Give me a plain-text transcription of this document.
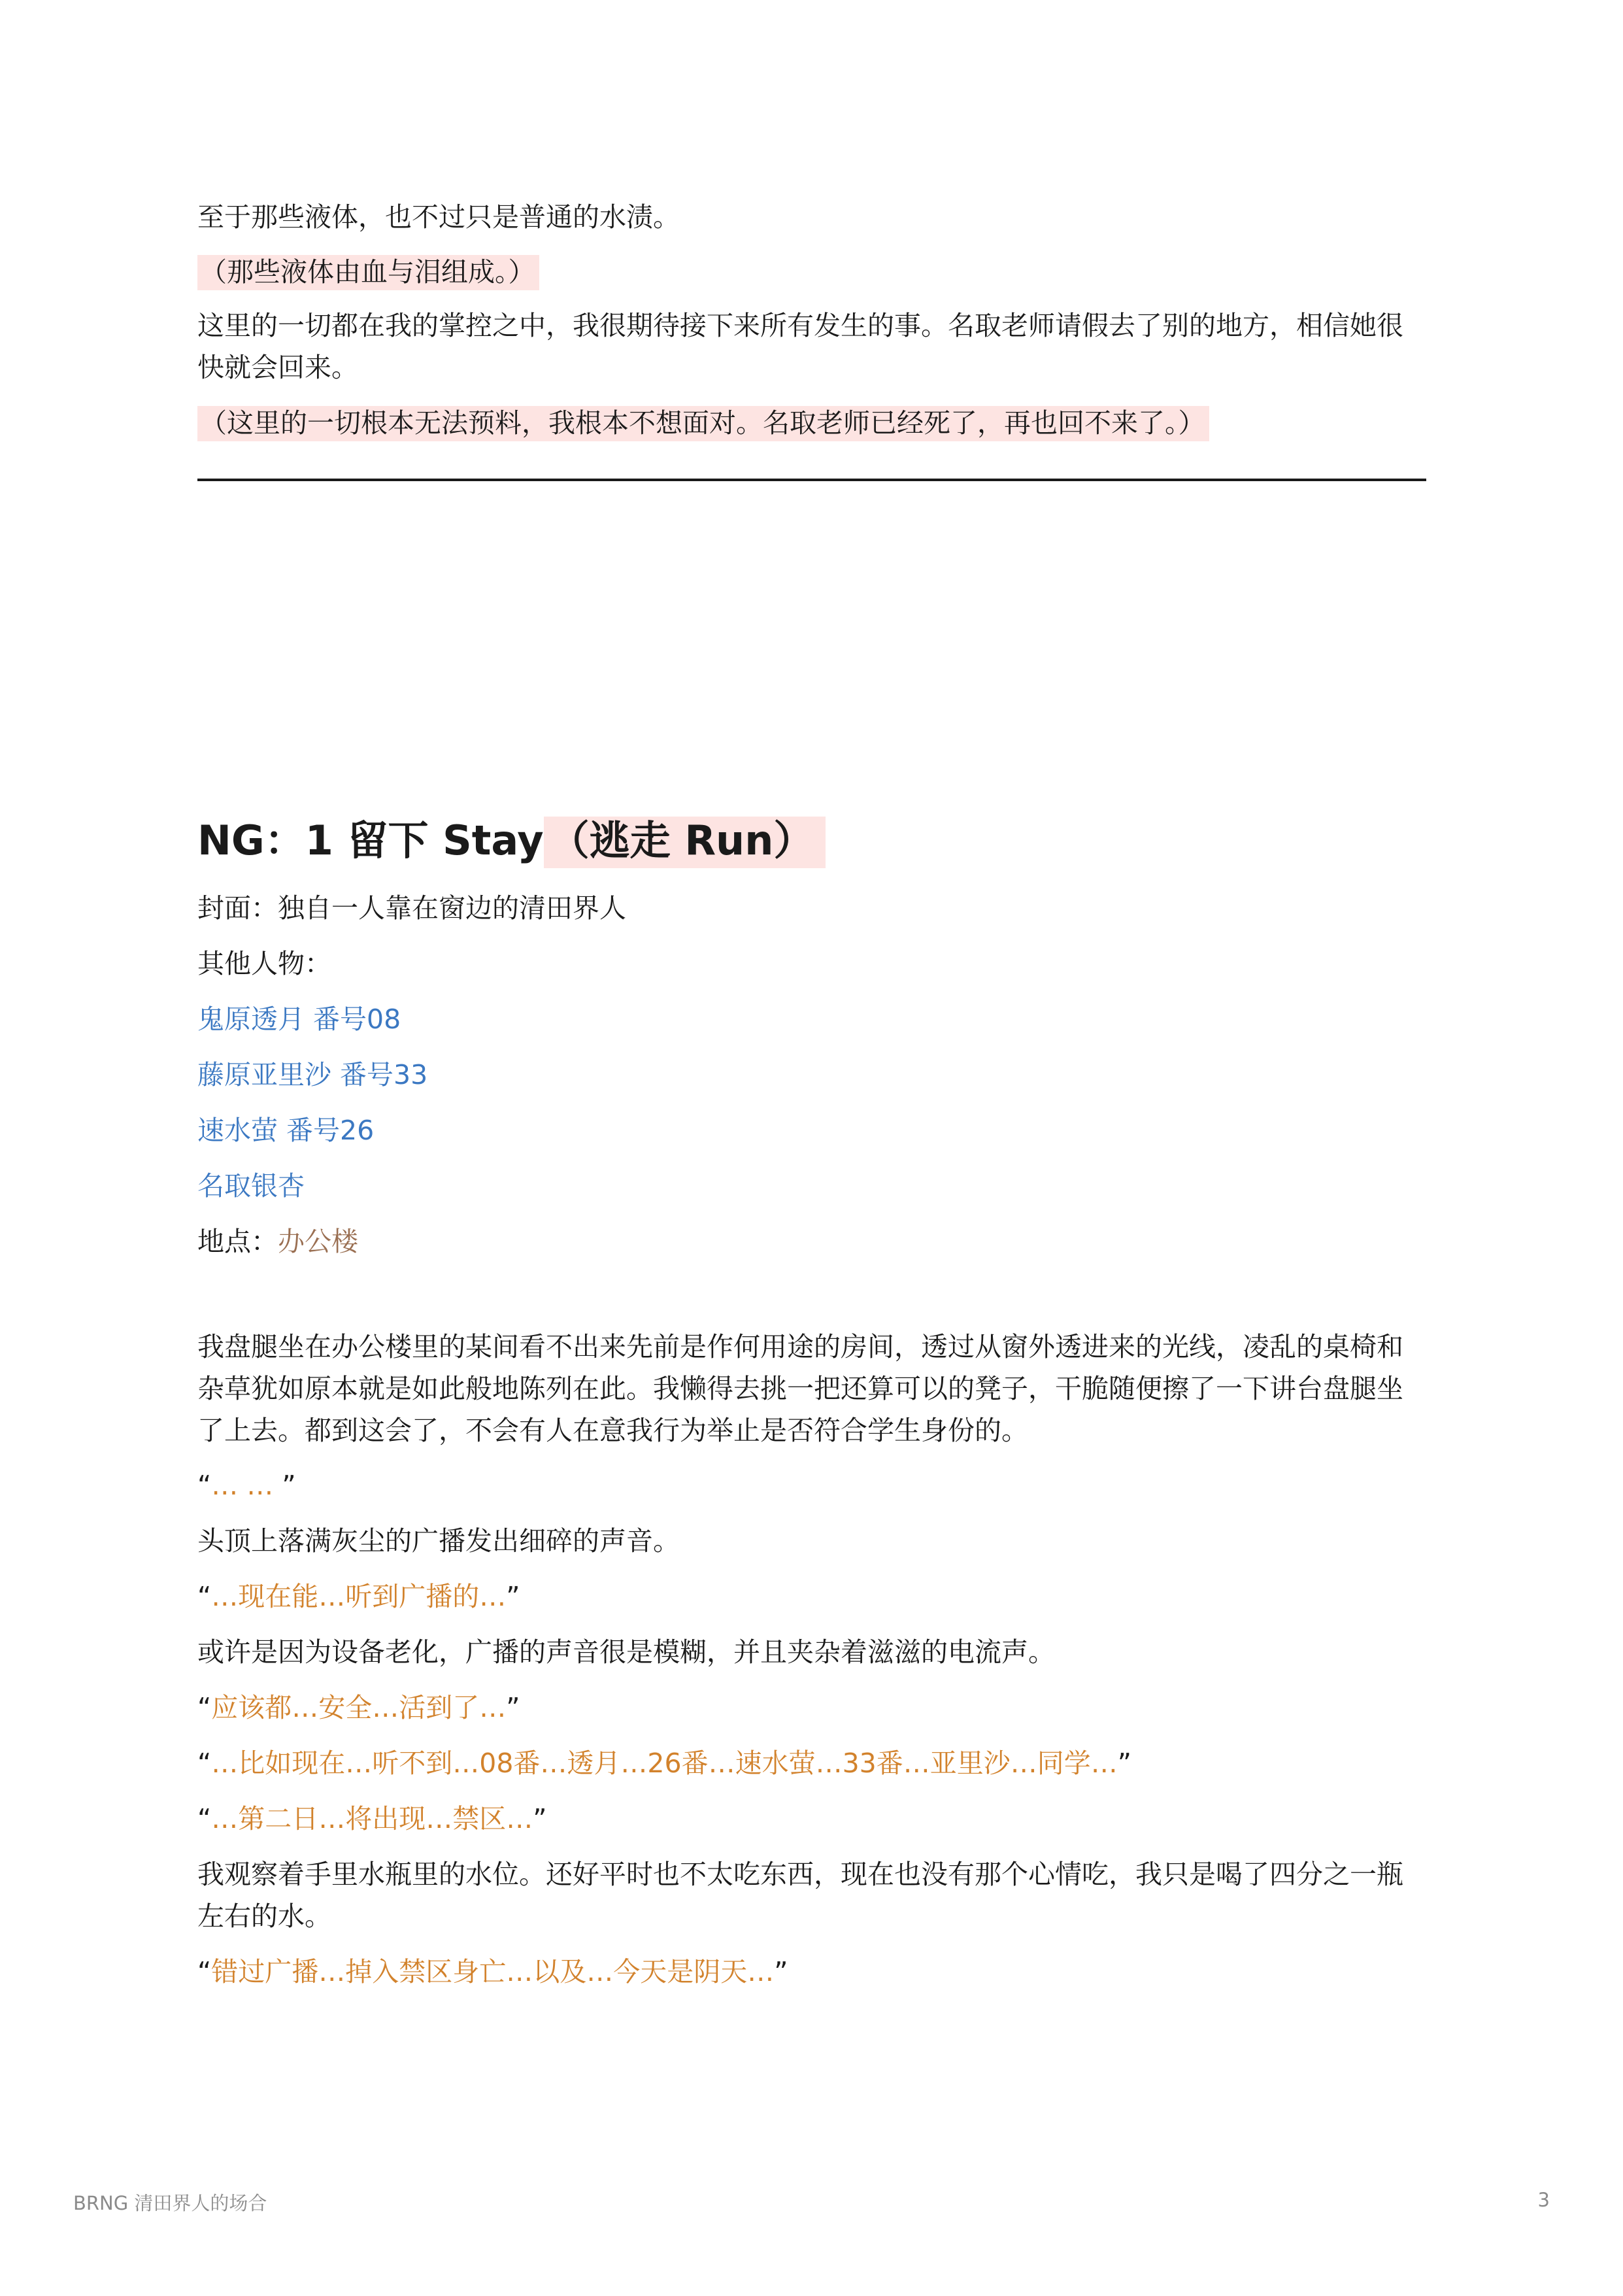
至于那些液体，也不过只是普通的水渍。

（那些液体由血与泪组成。）

这里的一切都在我的掌控之中，我很期待接下来所有发生的事。名取老师请假去了别的地方，相信她很快就会回来。

（这里的一切根本无法预料，我根本不想面对。名取老师已经死了，再也回不来了。）

NG：1 留下 Stay （逃走 Run）

封面：独自一人靠在窗边的清田界人

其他人物：

鬼原透月 番号08

藤原亚里沙 番号33

速水萤 番号26

名取银杏

地点：办公楼

我盘腿坐在办公楼里的某间看不出来先前是作何用途的房间，透过从窗外透进来的光线，凌乱的桌椅和杂草犹如原本就是如此般地陈列在此。我懒得去挑一把还算可以的凳子，干脆随便擦了一下讲台盘腿坐了上去。都到这会了，不会有人在意我行为举止是否符合学生身份的。

“… … ”

头顶上落满灰尘的广播发出细碎的声音。

“…现在能…听到广播的…”

或许是因为设备老化，广播的声音很是模糊，并且夹杂着滋滋的电流声。

“应该都…安全…活到了…”

“…比如现在…听不到…08番…透月…26番…速水萤…33番…亚里沙…同学…”

“…第二日…将出现…禁区…”

我观察着手里水瓶里的水位。还好平时也不太吃东西，现在也没有那个心情吃，我只是喝了四分之一瓶左右的水。

“错过广播…掉入禁区身亡…以及…今天是阴天…”

BRNG 清田界人的场合	3
